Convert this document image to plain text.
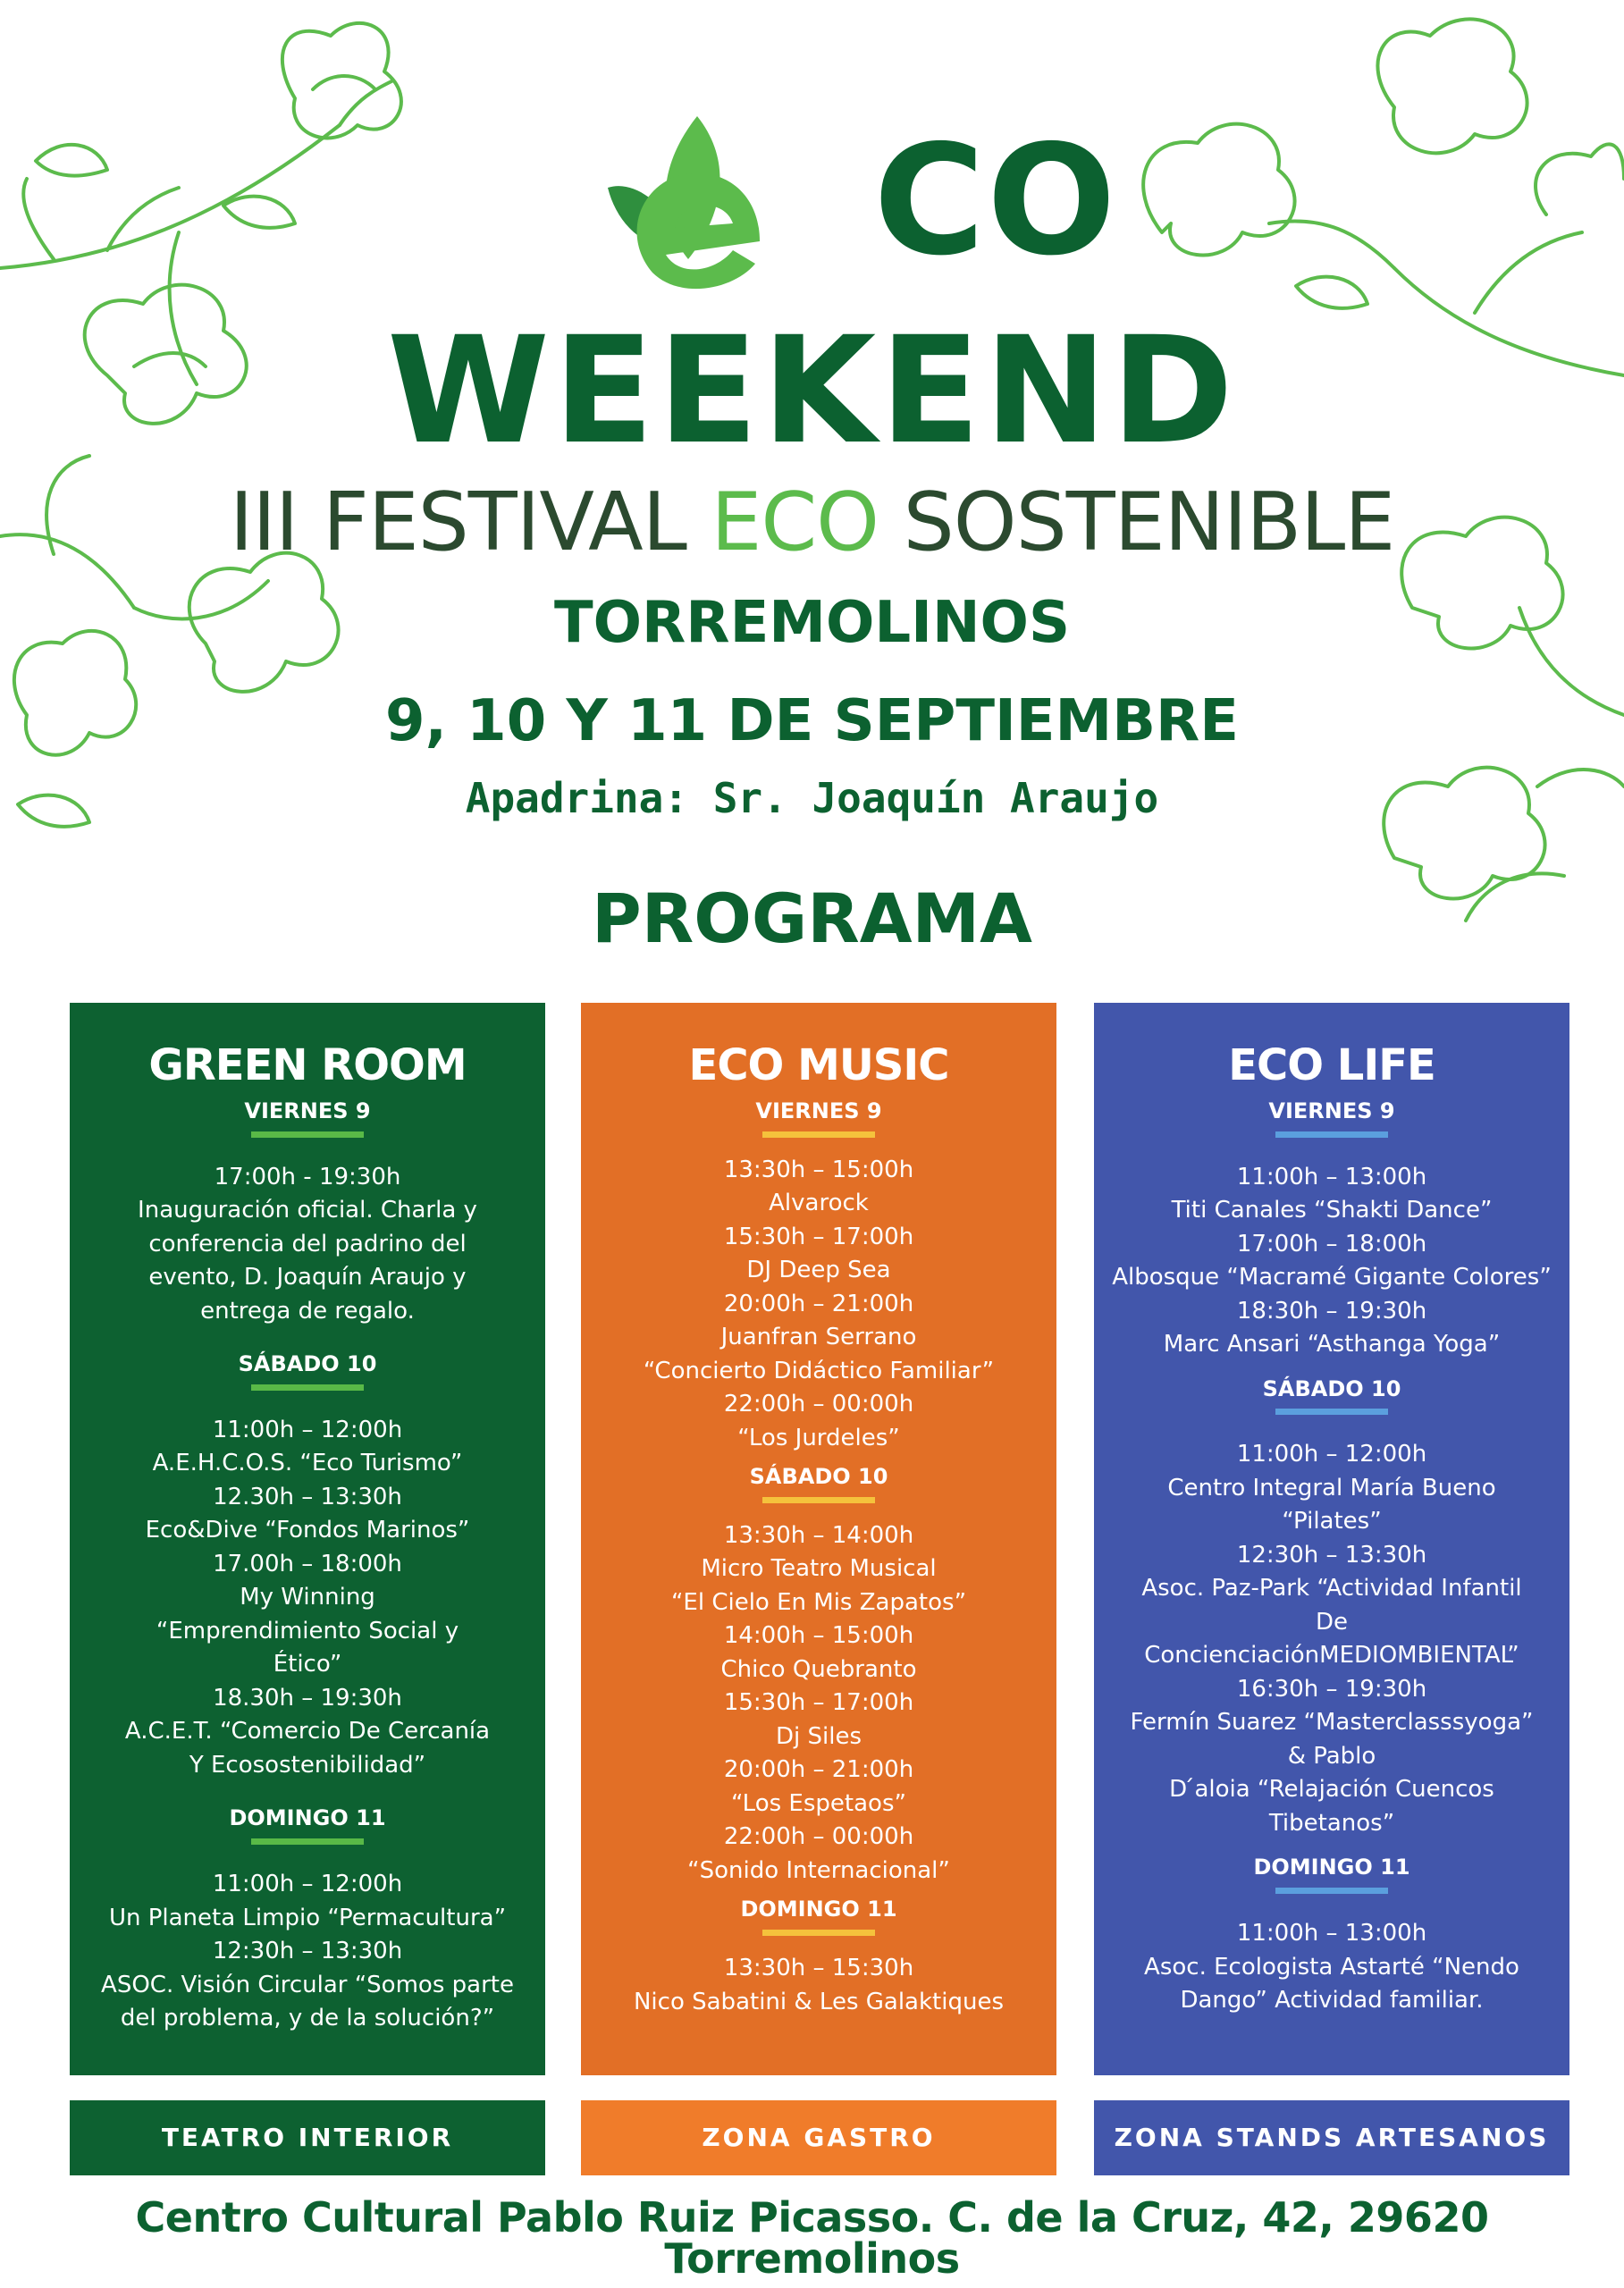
CO
WEEKEND
III FESTIVAL ECO SOSTENIBLE
TORREMOLINOS
9, 10 Y 11 DE SEPTIEMBRE
Apadrina: Sr. Joaquín Araujo
PROGRAMA
GREEN ROOM
VIERNES 9
17:00h - 19:30h
Inauguración oficial. Charla y conferencia del padrino del evento, D. Joaquín Araujo y entrega de regalo.
SÁBADO 10
11:00h – 12:00h
A.E.H.C.O.S. “Eco Turismo”
12.30h – 13:30h
Eco&Dive “Fondos Marinos”
17.00h – 18:00h
My Winning “Emprendimiento Social y Ético”
18.30h – 19:30h
A.C.E.T. “Comercio De Cercanía Y Ecosostenibilidad”
DOMINGO 11
11:00h – 12:00h
Un Planeta Limpio “Permacultura”
12:30h – 13:30h
ASOC. Visión Circular “Somos parte del problema, y de la solución?”
ECO MUSIC
VIERNES 9
13:30h – 15:00h
Alvarock
15:30h – 17:00h
DJ Deep Sea
20:00h – 21:00h
Juanfran Serrano
“Concierto Didáctico Familiar”
22:00h – 00:00h
“Los Jurdeles”
SÁBADO 10
13:30h – 14:00h
Micro Teatro Musical
“El Cielo En Mis Zapatos”
14:00h – 15:00h
Chico Quebranto
15:30h – 17:00h
Dj Siles
20:00h – 21:00h
“Los Espetaos”
22:00h – 00:00h
“Sonido Internacional”
DOMINGO 11
13:30h – 15:30h
Nico Sabatini & Les Galaktiques
ECO LIFE
VIERNES 9
11:00h – 13:00h
Titi Canales “Shakti Dance”
17:00h – 18:00h
Albosque “Macramé Gigante Colores”
18:30h – 19:30h
Marc Ansari “Asthanga Yoga”
SÁBADO 10
11:00h – 12:00h
Centro Integral María Bueno
“Pilates”
12:30h – 13:30h
Asoc. Paz-Park “Actividad Infantil
De
ConcienciaciónMEDIOMBIENTAL”
16:30h – 19:30h
Fermín Suarez “Masterclasssyoga”
& Pablo
D ́aloia “Relajación Cuencos
Tibetanos”
DOMINGO 11
11:00h – 13:00h
Asoc. Ecologista Astarté “Nendo
Dango” Actividad familiar.
TEATRO INTERIOR	ZONA GASTRO	ZONA STANDS ARTESANOS
Centro Cultural Pablo Ruiz Picasso. C. de la Cruz, 42, 29620 Torremolinos
